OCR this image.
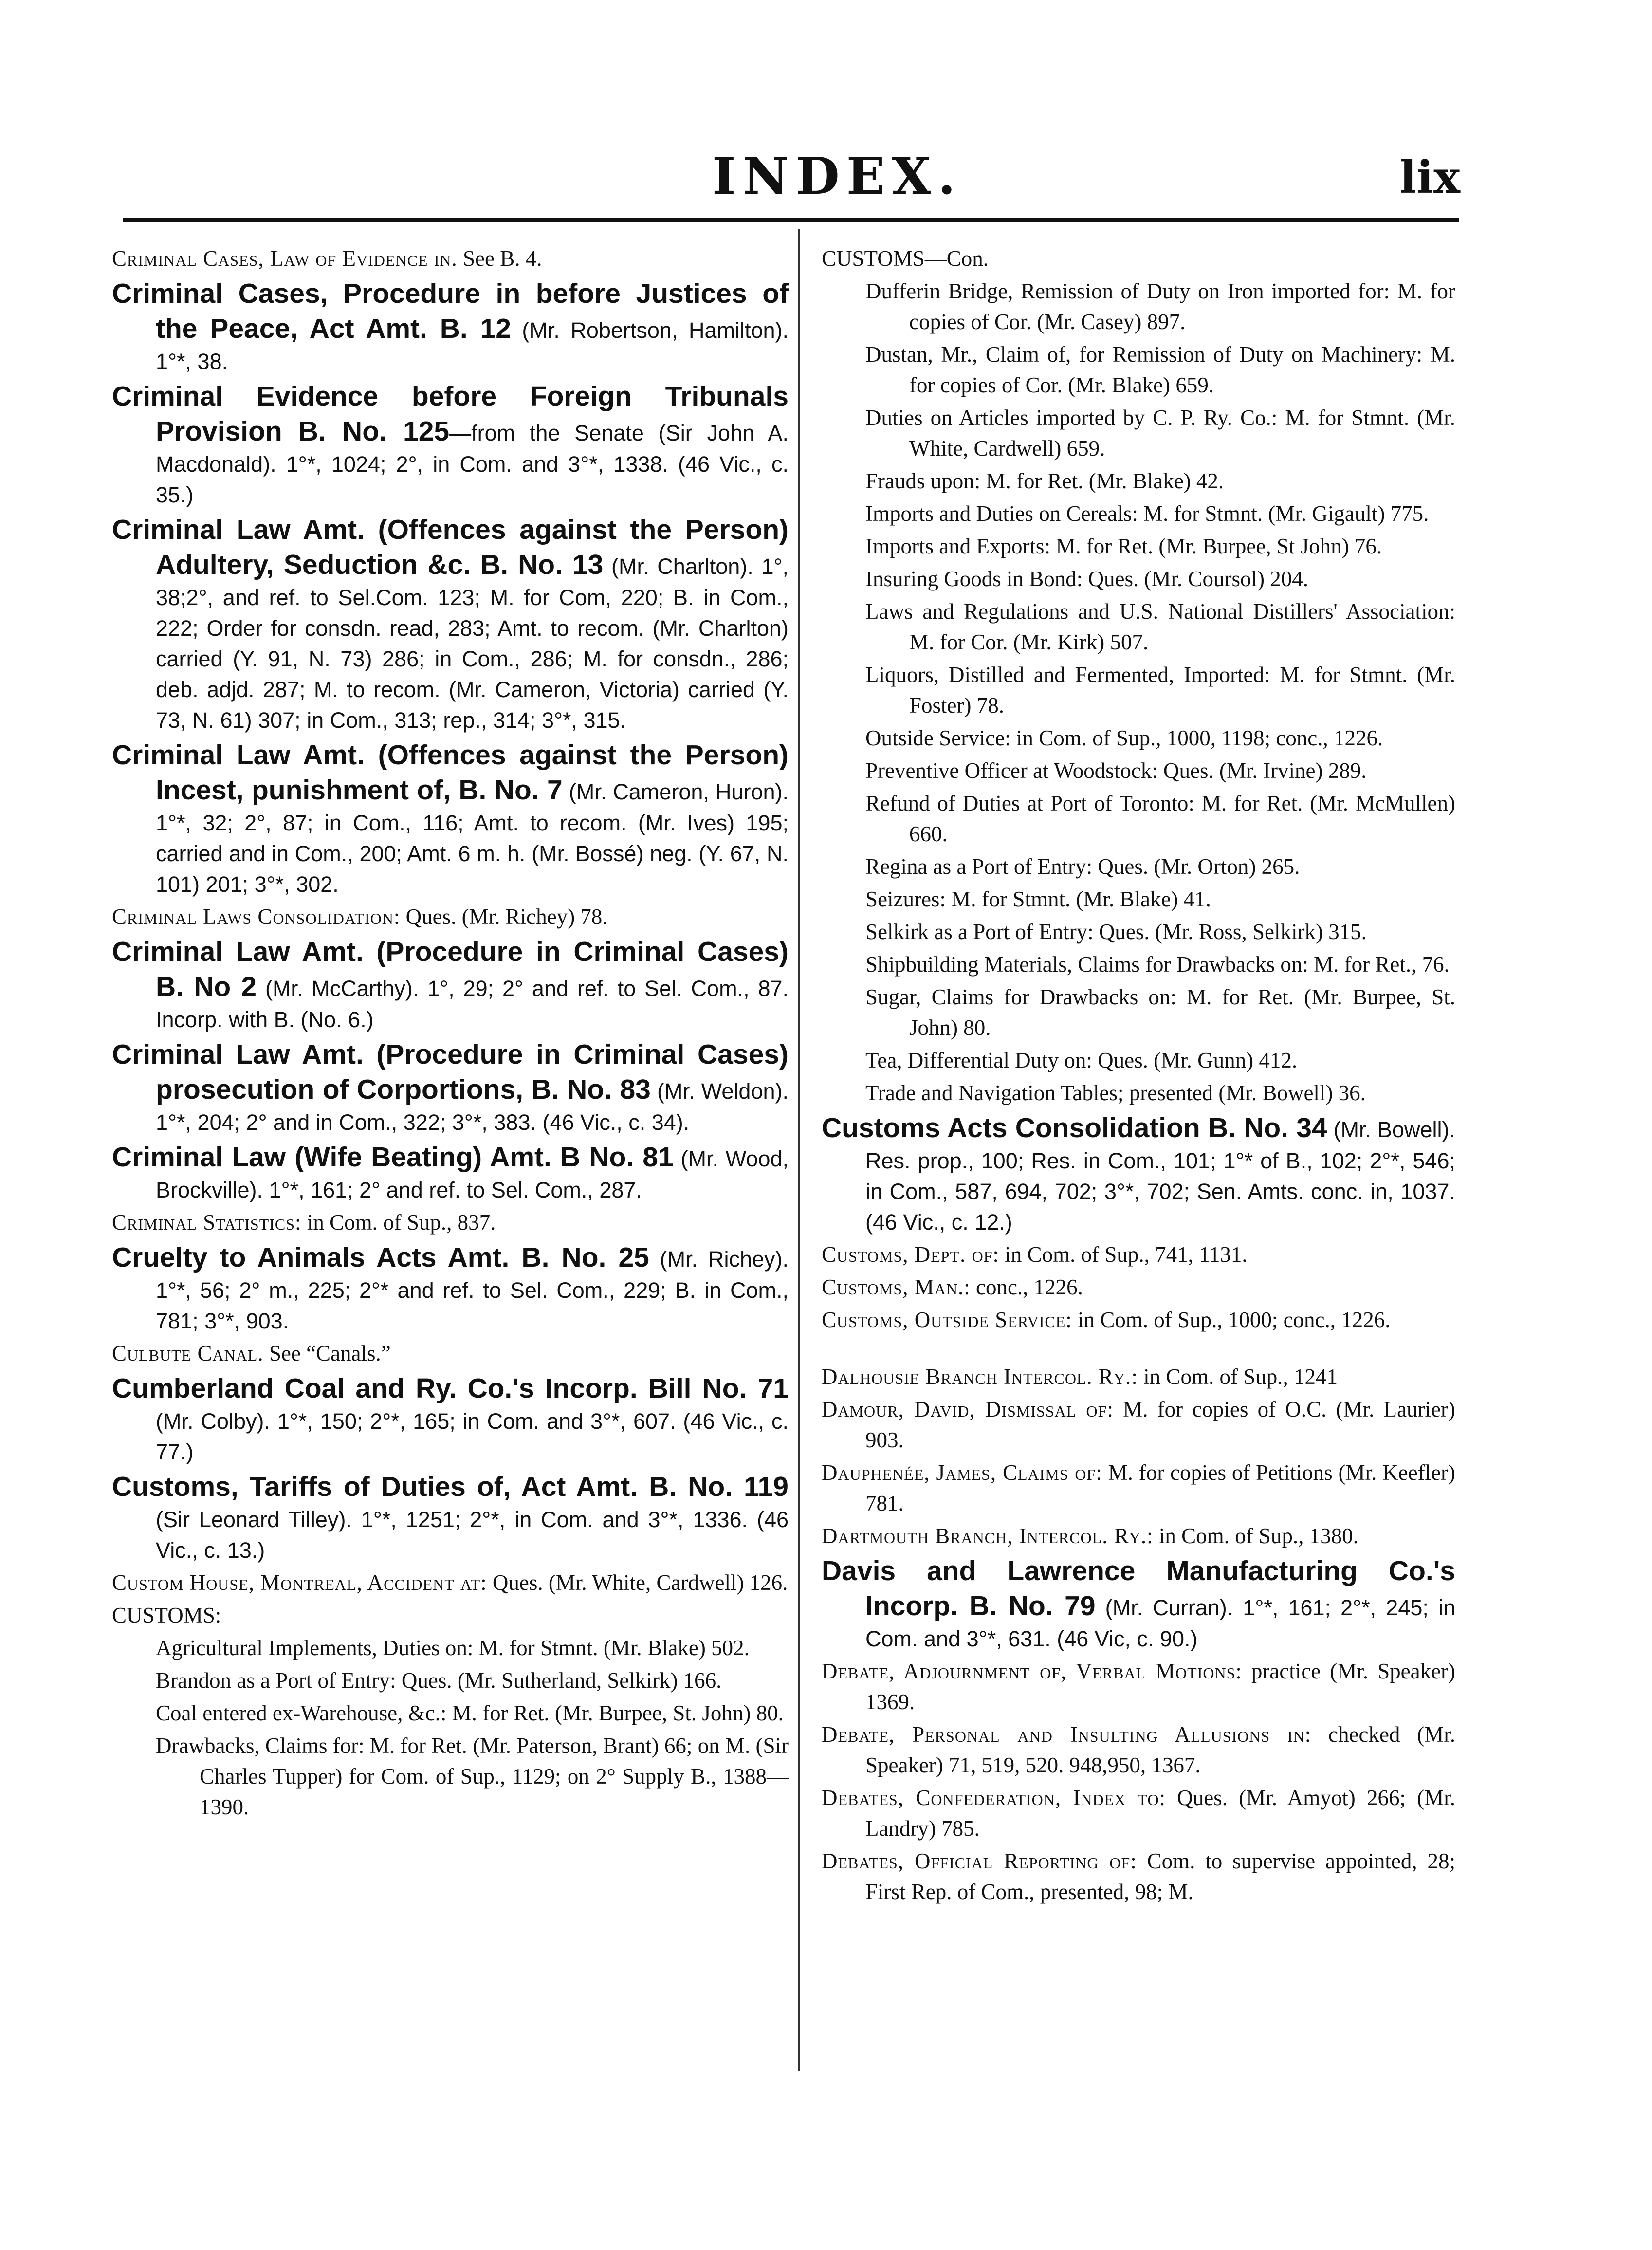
INDEX.	lix
Criminal Cases, Law of Evidence in. See B. 4.
Criminal Cases, Procedure in before Justices of the Peace, Act Amt. B. 12 (Mr. Robertson, Hamilton). 1°*, 38.
Criminal Evidence before Foreign Tribunals Provision B. No. 125—from the Senate (Sir John A. Macdonald). 1°*, 1024; 2°, in Com. and 3°*, 1338. (46 Vic., c. 35.)
Criminal Law Amt. (Offences against the Person) Adultery, Seduction &c. B. No. 13 (Mr. Charlton). 1°, 38;2°, and ref. to Sel.Com. 123; M. for Com, 220; B. in Com., 222; Order for consdn. read, 283; Amt. to recom. (Mr. Charlton) carried (Y. 91, N. 73) 286; in Com., 286; M. for consdn., 286; deb. adjd. 287; M. to recom. (Mr. Cameron, Victoria) carried (Y. 73, N. 61) 307; in Com., 313; rep., 314; 3°*, 315.
Criminal Law Amt. (Offences against the Person) Incest, punishment of, B. No. 7 (Mr. Cameron, Huron). 1°*, 32; 2°, 87; in Com., 116; Amt. to recom. (Mr. Ives) 195; carried and in Com., 200; Amt. 6 m. h. (Mr. Bossé) neg. (Y. 67, N. 101) 201; 3°*, 302.
Criminal Laws Consolidation: Ques. (Mr. Richey) 78.
Criminal Law Amt. (Procedure in Criminal Cases) B. No 2 (Mr. McCarthy). 1°, 29; 2° and ref. to Sel. Com., 87. Incorp. with B. (No. 6.)
Criminal Law Amt. (Procedure in Criminal Cases) prosecution of Corportions, B. No. 83 (Mr. Weldon). 1°*, 204; 2° and in Com., 322; 3°*, 383. (46 Vic., c. 34).
Criminal Law (Wife Beating) Amt. B No. 81 (Mr. Wood, Brockville). 1°*, 161; 2° and ref. to Sel. Com., 287.
Criminal Statistics: in Com. of Sup., 837.
Cruelty to Animals Acts Amt. B. No. 25 (Mr. Richey). 1°*, 56; 2° m., 225; 2°* and ref. to Sel. Com., 229; B. in Com., 781; 3°*, 903.
Culbute Canal. See “Canals.”
Cumberland Coal and Ry. Co.'s Incorp. Bill No. 71 (Mr. Colby). 1°*, 150; 2°*, 165; in Com. and 3°*, 607. (46 Vic., c. 77.)
Customs, Tariffs of Duties of, Act Amt. B. No. 119 (Sir Leonard Tilley). 1°*, 1251; 2°*, in Com. and 3°*, 1336. (46 Vic., c. 13.)
Custom House, Montreal, Accident at: Ques. (Mr. White, Cardwell) 126.
CUSTOMS:
Agricultural Implements, Duties on: M. for Stmnt. (Mr. Blake) 502.
Brandon as a Port of Entry: Ques. (Mr. Sutherland, Selkirk) 166.
Coal entered ex-Warehouse, &c.: M. for Ret. (Mr. Burpee, St. John) 80.
Drawbacks, Claims for: M. for Ret. (Mr. Paterson, Brant) 66; on M. (Sir Charles Tupper) for Com. of Sup., 1129; on 2° Supply B., 1388—1390.
CUSTOMS—Con.
Dufferin Bridge, Remission of Duty on Iron imported for: M. for copies of Cor. (Mr. Casey) 897.
Dustan, Mr., Claim of, for Remission of Duty on Machinery: M. for copies of Cor. (Mr. Blake) 659.
Duties on Articles imported by C. P. Ry. Co.: M. for Stmnt. (Mr. White, Cardwell) 659.
Frauds upon: M. for Ret. (Mr. Blake) 42.
Imports and Duties on Cereals: M. for Stmnt. (Mr. Gigault) 775.
Imports and Exports: M. for Ret. (Mr. Burpee, St John) 76.
Insuring Goods in Bond: Ques. (Mr. Coursol) 204.
Laws and Regulations and U.S. National Distillers' Association: M. for Cor. (Mr. Kirk) 507.
Liquors, Distilled and Fermented, Imported: M. for Stmnt. (Mr. Foster) 78.
Outside Service: in Com. of Sup., 1000, 1198; conc., 1226.
Preventive Officer at Woodstock: Ques. (Mr. Irvine) 289.
Refund of Duties at Port of Toronto: M. for Ret. (Mr. McMullen) 660.
Regina as a Port of Entry: Ques. (Mr. Orton) 265.
Seizures: M. for Stmnt. (Mr. Blake) 41.
Selkirk as a Port of Entry: Ques. (Mr. Ross, Selkirk) 315.
Shipbuilding Materials, Claims for Drawbacks on: M. for Ret., 76.
Sugar, Claims for Drawbacks on: M. for Ret. (Mr. Burpee, St. John) 80.
Tea, Differential Duty on: Ques. (Mr. Gunn) 412.
Trade and Navigation Tables; presented (Mr. Bowell) 36.
Customs Acts Consolidation B. No. 34 (Mr. Bowell). Res. prop., 100; Res. in Com., 101; 1°* of B., 102; 2°*, 546; in Com., 587, 694, 702; 3°*, 702; Sen. Amts. conc. in, 1037. (46 Vic., c. 12.)
Customs, Dept. of: in Com. of Sup., 741, 1131.
Customs, Man.: conc., 1226.
Customs, Outside Service: in Com. of Sup., 1000; conc., 1226.
Dalhousie Branch Intercol. Ry.: in Com. of Sup., 1241
Damour, David, Dismissal of: M. for copies of O.C. (Mr. Laurier) 903.
Dauphenée, James, Claims of: M. for copies of Petitions (Mr. Keefler) 781.
Dartmouth Branch, Intercol. Ry.: in Com. of Sup., 1380.
Davis and Lawrence Manufacturing Co.'s Incorp. B. No. 79 (Mr. Curran). 1°*, 161; 2°*, 245; in Com. and 3°*, 631. (46 Vic, c. 90.)
Debate, Adjournment of, Verbal Motions: practice (Mr. Speaker) 1369.
Debate, Personal and Insulting Allusions in: checked (Mr. Speaker) 71, 519, 520. 948,950, 1367.
Debates, Confederation, Index to: Ques. (Mr. Amyot) 266; (Mr. Landry) 785.
Debates, Official Reporting of: Com. to supervise appointed, 28; First Rep. of Com., presented, 98; M.
